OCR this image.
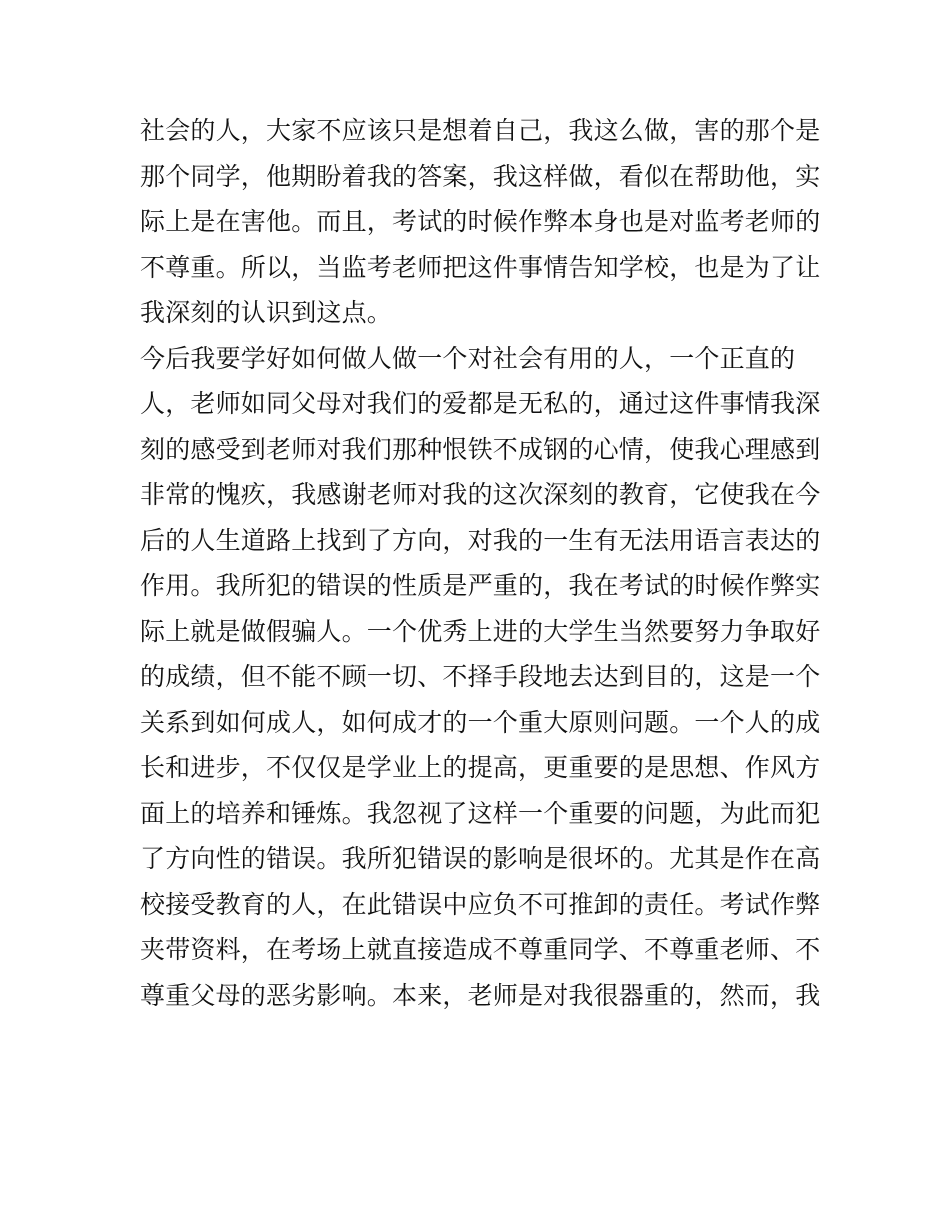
社会的人，大家不应该只是想着自己，我这么做，害的那个是
那个同学，他期盼着我的答案，我这样做，看似在帮助他，实
际上是在害他。而且，考试的时候作弊本身也是对监考老师的
不尊重。所以，当监考老师把这件事情告知学校，也是为了让
我深刻的认识到这点。
今后我要学好如何做人做一个对社会有用的人，一个正直的
人，老师如同父母对我们的爱都是无私的，通过这件事情我深
刻的感受到老师对我们那种恨铁不成钢的心情，使我心理感到
非常的愧疚，我感谢老师对我的这次深刻的教育，它使我在今
后的人生道路上找到了方向，对我的一生有无法用语言表达的
作用。我所犯的错误的性质是严重的，我在考试的时候作弊实
际上就是做假骗人。一个优秀上进的大学生当然要努力争取好
的成绩，但不能不顾一切、不择手段地去达到目的，这是一个
关系到如何成人，如何成才的一个重大原则问题。一个人的成
长和进步，不仅仅是学业上的提高，更重要的是思想、作风方
面上的培养和锤炼。我忽视了这样一个重要的问题，为此而犯
了方向性的错误。我所犯错误的影响是很坏的。尤其是作在高
校接受教育的人，在此错误中应负不可推卸的责任。考试作弊
夹带资料，在考场上就直接造成不尊重同学、不尊重老师、不
尊重父母的恶劣影响。本来，老师是对我很器重的，然而，我
